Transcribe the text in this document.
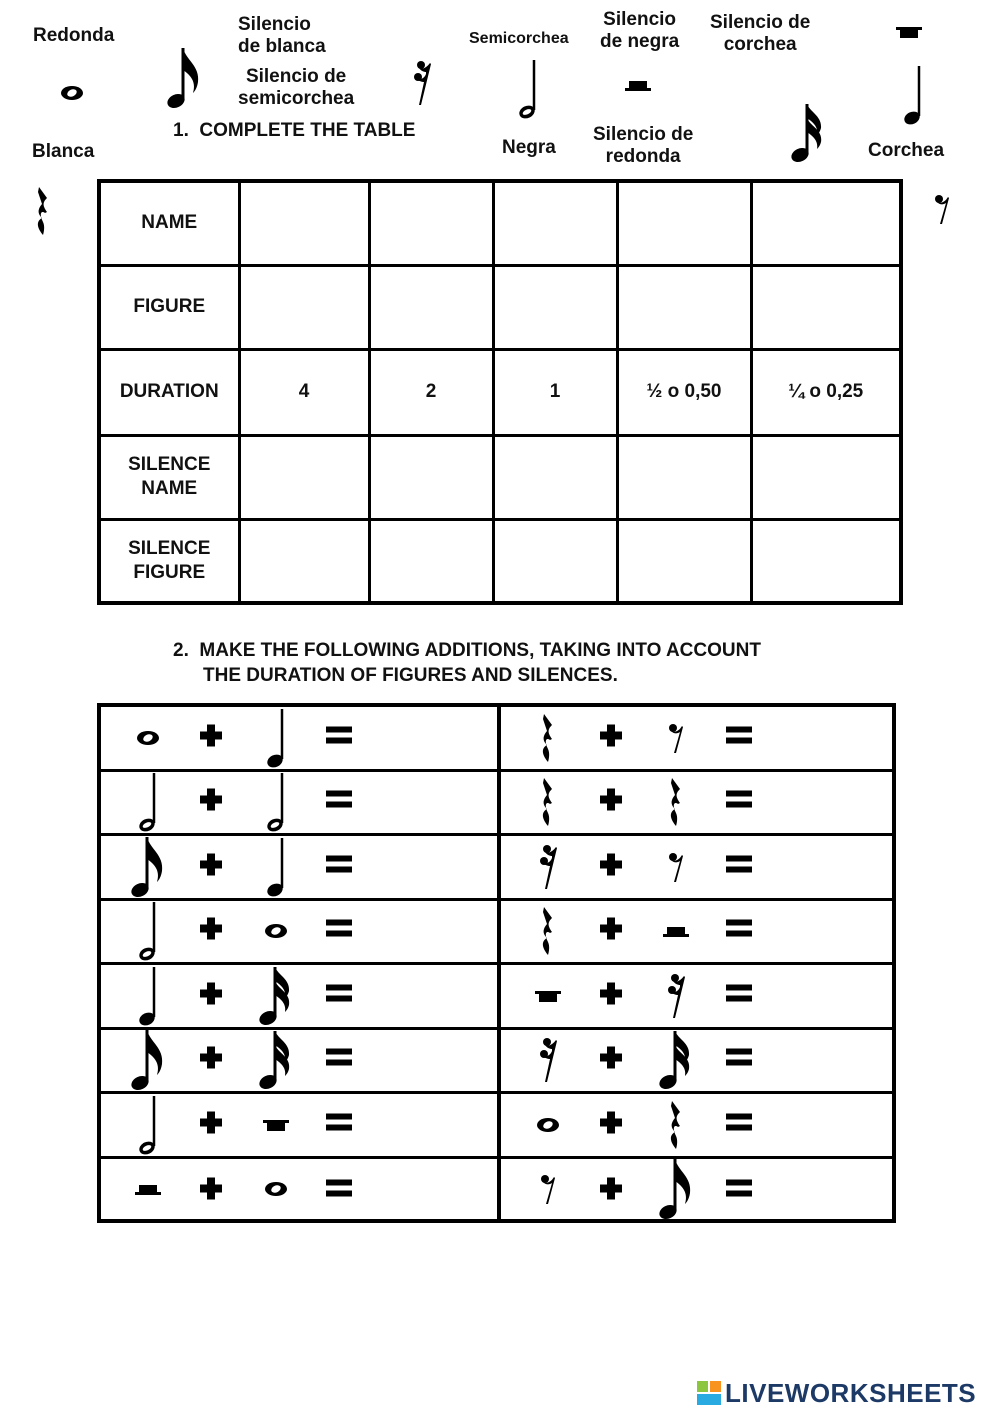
Redonda
Silencio
de blanca
Silencio de
semicorchea
Semicorchea
Silencio
de negra
Silencio de
corchea
Blanca	Negra
Silencio de
redonda	Corchea
1. COMPLETE THE TABLE
NAME					
FIGURE					
DURATION	4	2	1	½ o 0,50	¼ o 0,25
SILENCE
NAME					
SILENCE
FIGURE					
2. MAKE THE FOLLOWING ADDITIONS, TAKING INTO ACCOUNT
THE DURATION OF FIGURES AND SILENCES.
LIVEWORKSHEETS
